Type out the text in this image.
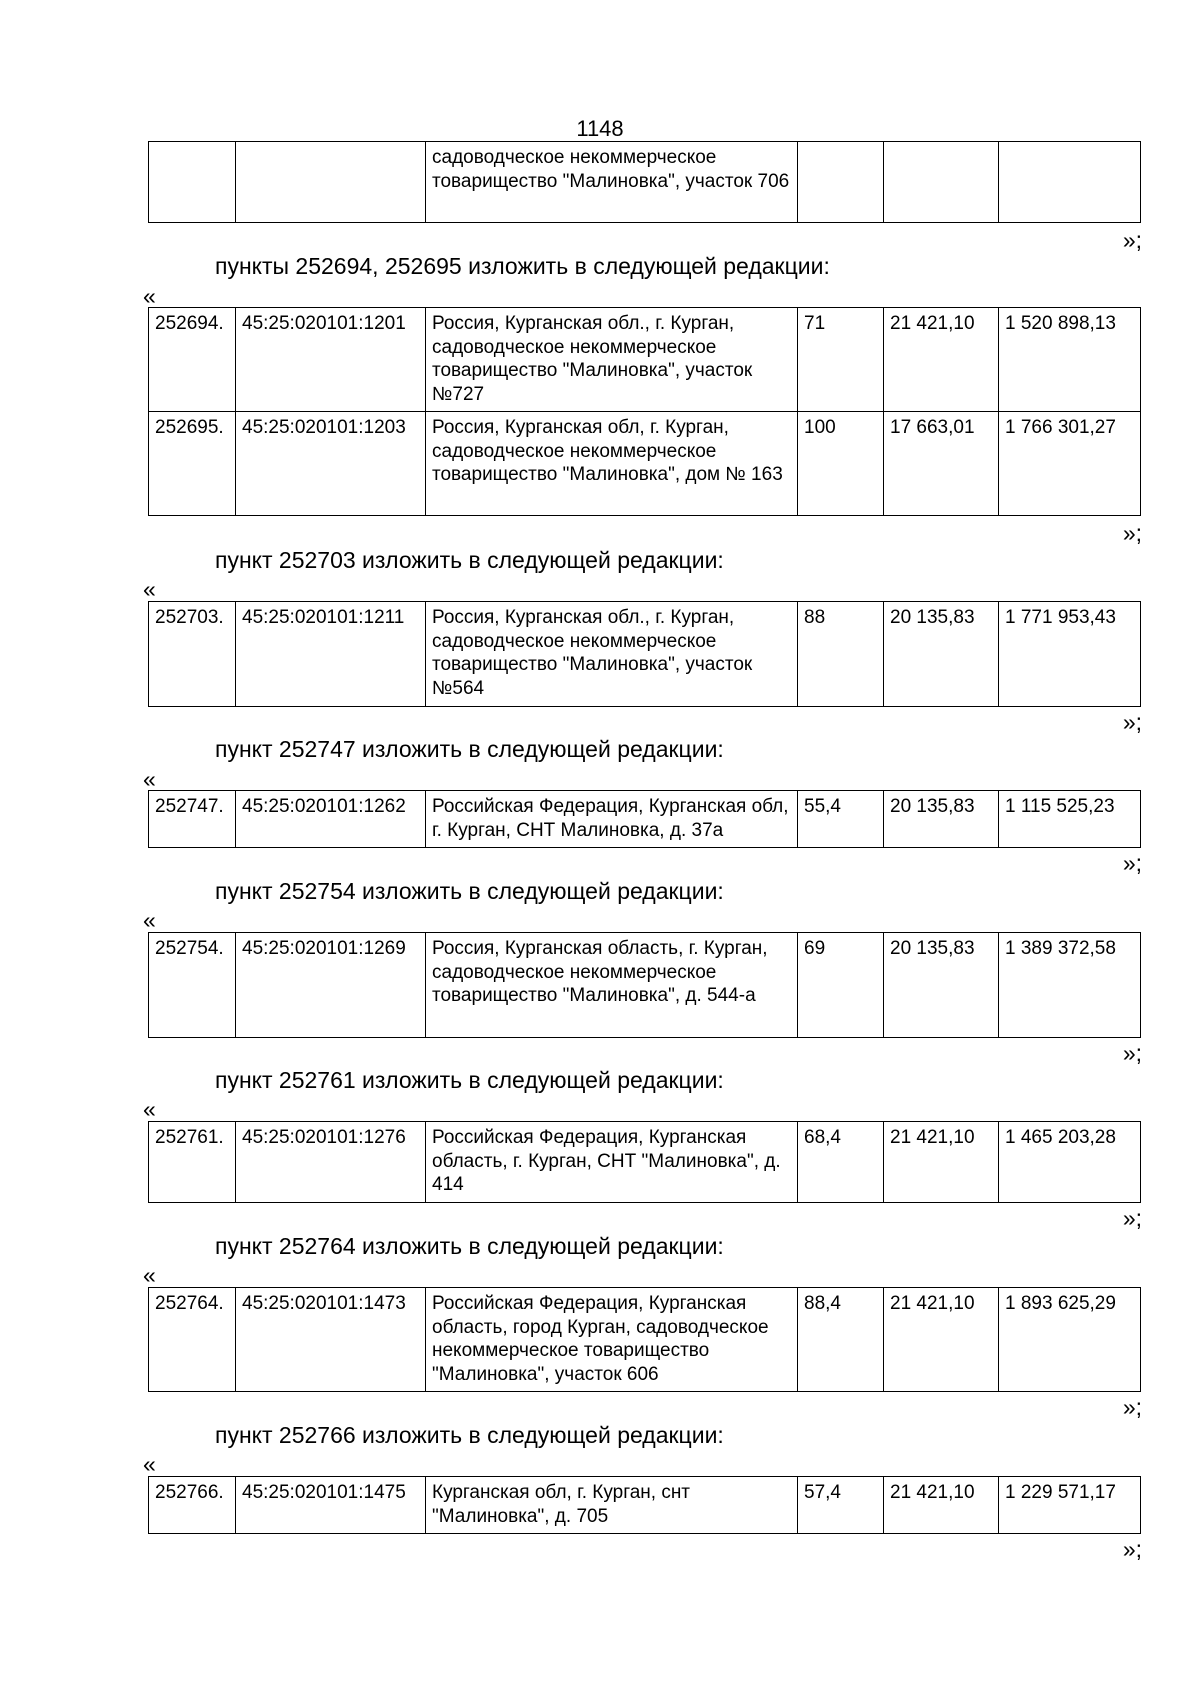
1148
		садоводческое некоммерческое товарищество "Малиновка", участок 706			
»;
пункты 252694, 252695 изложить в следующей редакции:
«
252694.	45:25:020101:1201	Россия, Курганская обл., г. Курган, садоводческое некоммерческое товарищество "Малиновка", участок №727	71	21 421,10	1 520 898,13
252695.	45:25:020101:1203	Россия, Курганская обл, г. Курган, садоводческое некоммерческое товарищество "Малиновка", дом № 163	100	17 663,01	1 766 301,27
»;
пункт 252703 изложить в следующей редакции:
«
252703.	45:25:020101:1211	Россия, Курганская обл., г. Курган, садоводческое некоммерческое товарищество "Малиновка", участок №564	88	20 135,83	1 771 953,43
»;
пункт 252747 изложить в следующей редакции:
«
252747.	45:25:020101:1262	Российская Федерация, Курганская обл, г. Курган, СНТ Малиновка, д. 37а	55,4	20 135,83	1 115 525,23
»;
пункт 252754 изложить в следующей редакции:
«
252754.	45:25:020101:1269	Россия, Курганская область, г. Курган, садоводческое некоммерческое товарищество "Малиновка", д. 544-а	69	20 135,83	1 389 372,58
»;
пункт 252761 изложить в следующей редакции:
«
252761.	45:25:020101:1276	Российская Федерация, Курганская область, г. Курган, СНТ "Малиновка", д. 414	68,4	21 421,10	1 465 203,28
»;
пункт 252764 изложить в следующей редакции:
«
252764.	45:25:020101:1473	Российская Федерация, Курганская область, город Курган, садоводческое некоммерческое товарищество "Малиновка", участок 606	88,4	21 421,10	1 893 625,29
»;
пункт 252766 изложить в следующей редакции:
«
252766.	45:25:020101:1475	Курганская обл, г. Курган, снт "Малиновка", д. 705	57,4	21 421,10	1 229 571,17
»;
